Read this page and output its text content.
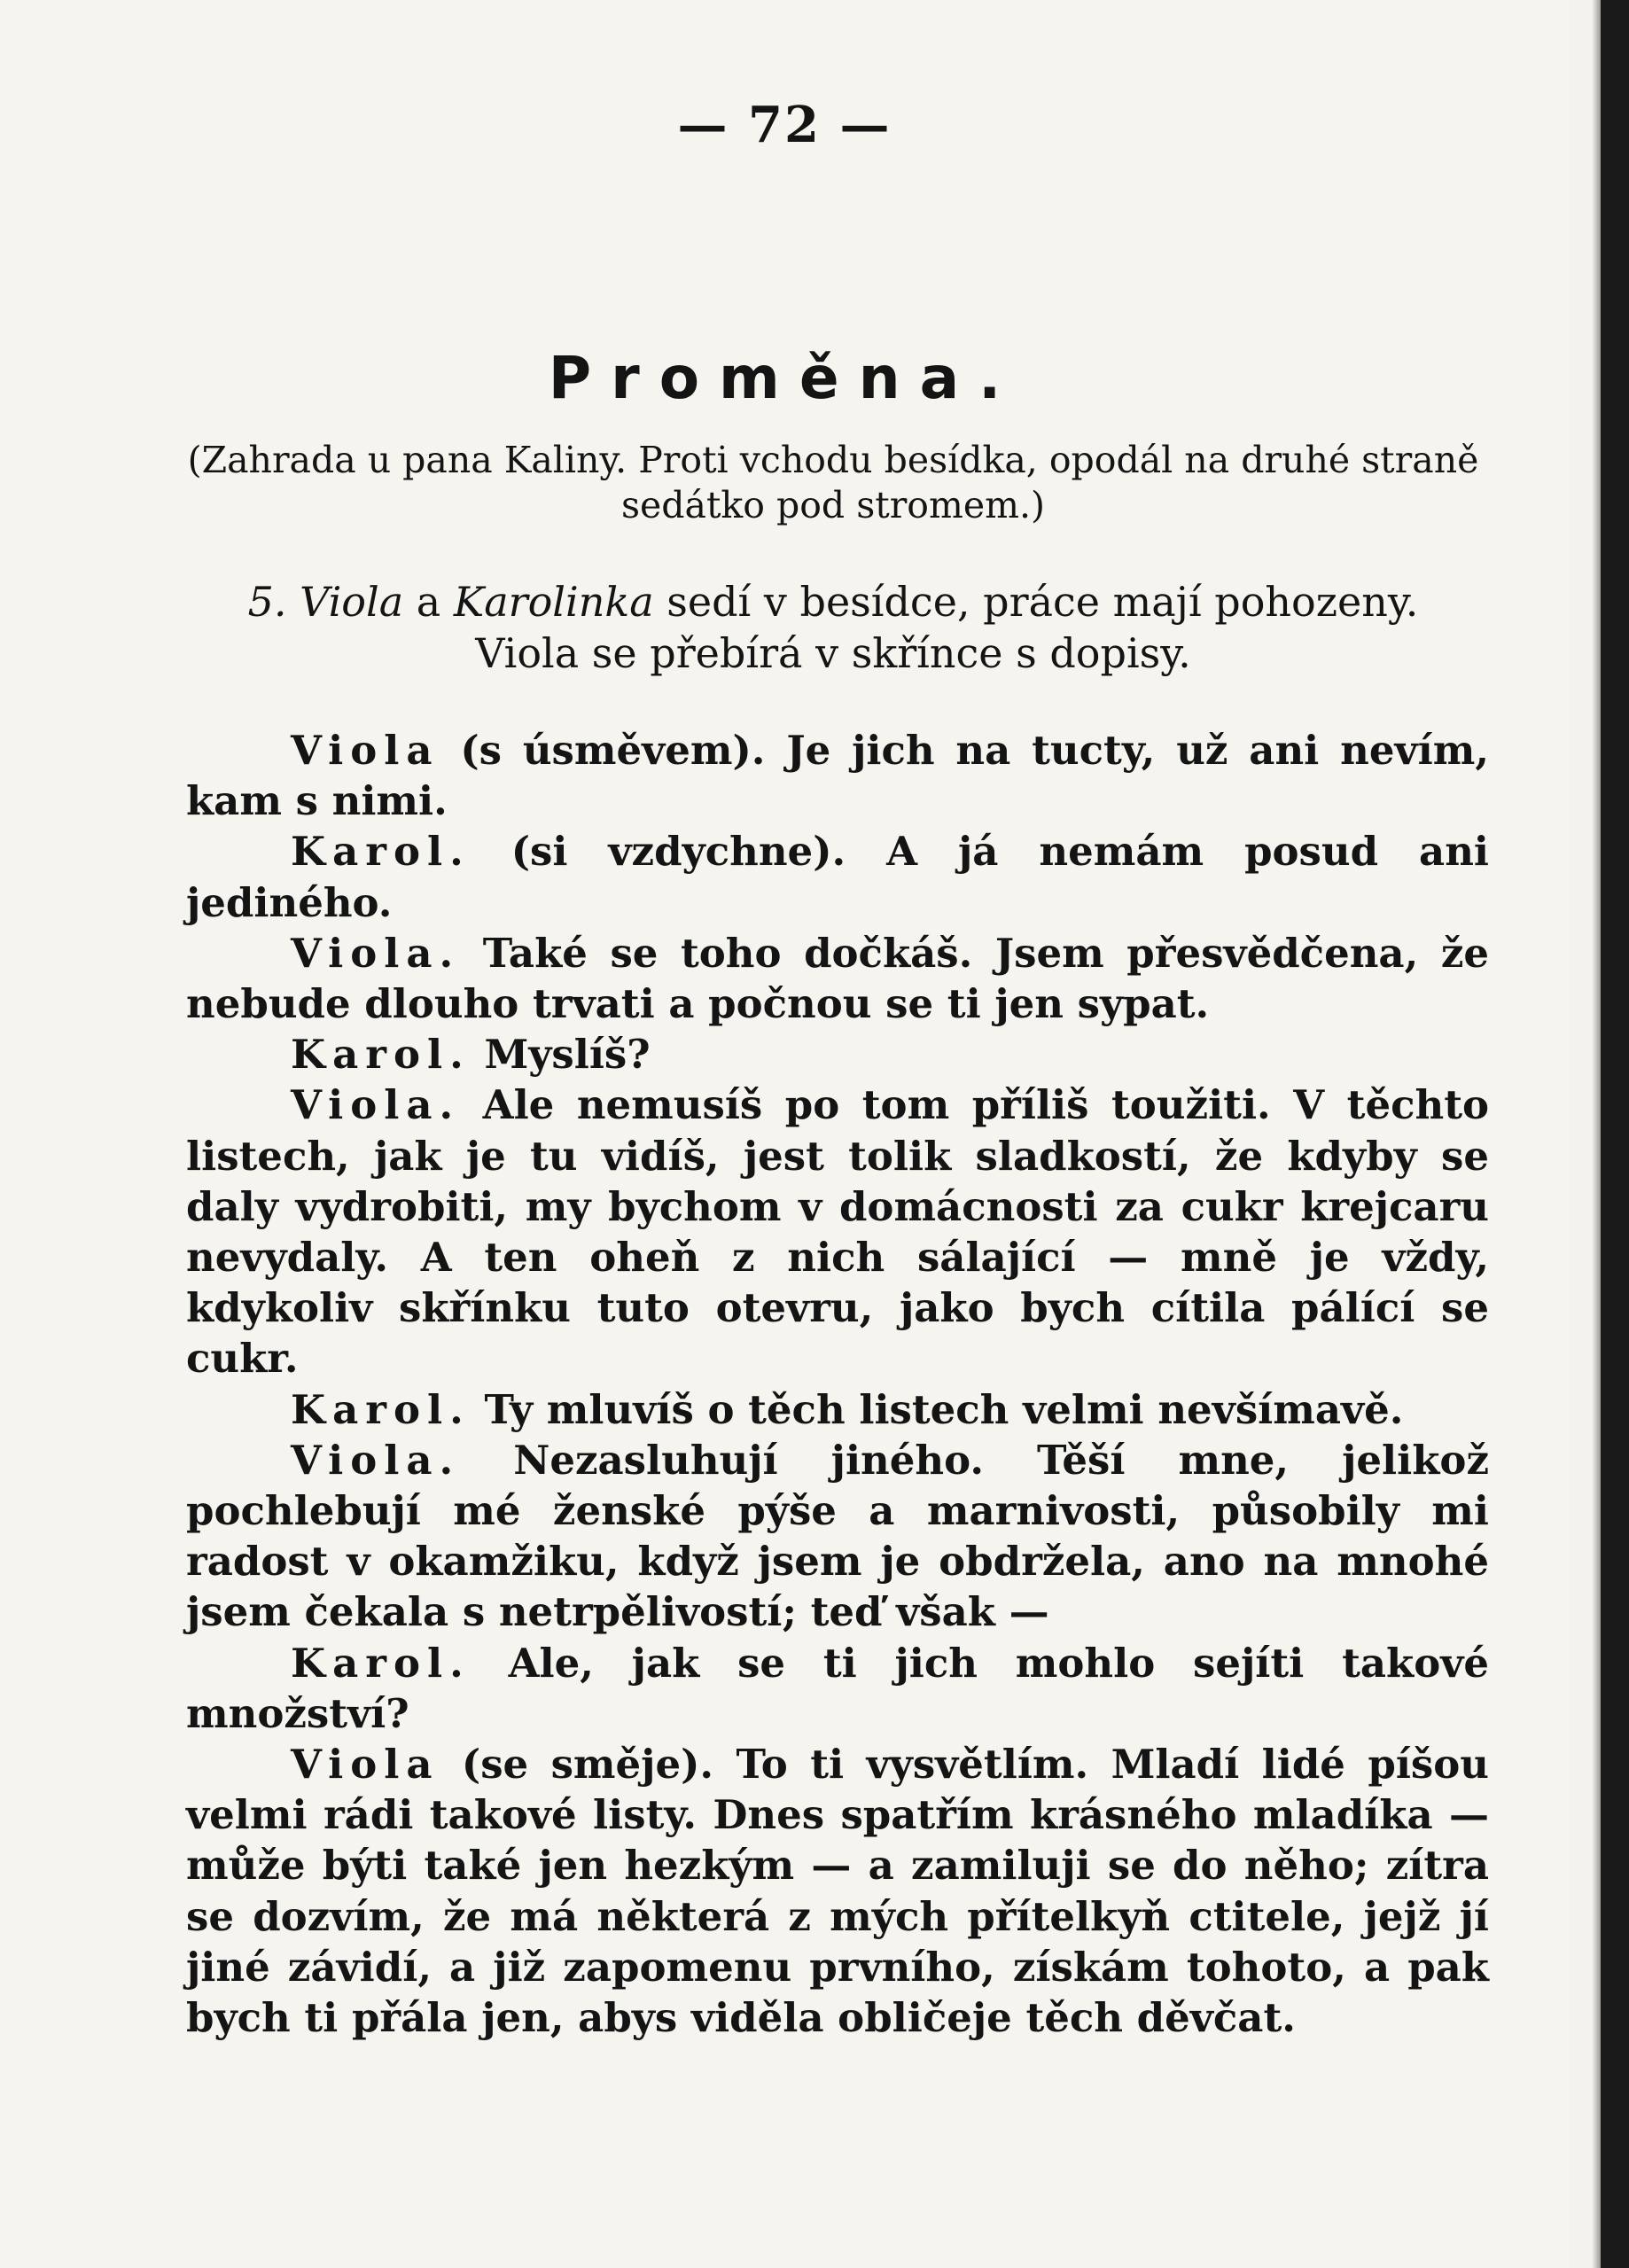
— 72 —
Proměna.
(Zahrada u pana Kaliny. Proti vchodu besídka, opodál na druhé straně sedátko pod stromem.)
5. Viola a Karolinka sedí v besídce, práce mají pohozeny.
Viola se přebírá v skřínce s dopisy.

Viola (s úsměvem). Je jich na tucty, už ani nevím, kam s nimi.

Karol. (si vzdychne). A já nemám posud ani jediného.

Viola. Také se toho dočkáš. Jsem přesvědčena, že nebude dlouho trvati a počnou se ti jen sypat.

Karol. Myslíš?

Viola. Ale nemusíš po tom příliš toužiti. V těchto listech, jak je tu vidíš, jest tolik sladkostí, že kdyby se daly vydrobiti, my bychom v domácnosti za cukr krejcaru nevydaly. A ten oheň z nich sálající — mně je vždy, kdykoliv skřínku tuto otevru, jako bych cítila pálící se cukr.

Karol. Ty mluvíš o těch listech velmi nevšímavě.

Viola. Nezasluhují jiného. Těší mne, jelikož pochlebují mé ženské pýše a marnivosti, působily mi radost v okamžiku, když jsem je obdržela, ano na mnohé jsem čekala s netrpělivostí; teď však —

Karol. Ale, jak se ti jich mohlo sejíti takové množství?

Viola (se směje). To ti vysvětlím. Mladí lidé píšou velmi rádi takové listy. Dnes spatřím krásného mladíka — může býti také jen hezkým — a zamiluji se do něho; zítra se dozvím, že má některá z mých přítelkyň ctitele, jejž jí jiné závidí, a již zapomenu prvního, získám tohoto, a pak bych ti přála jen, abys viděla obličeje těch děvčat.
